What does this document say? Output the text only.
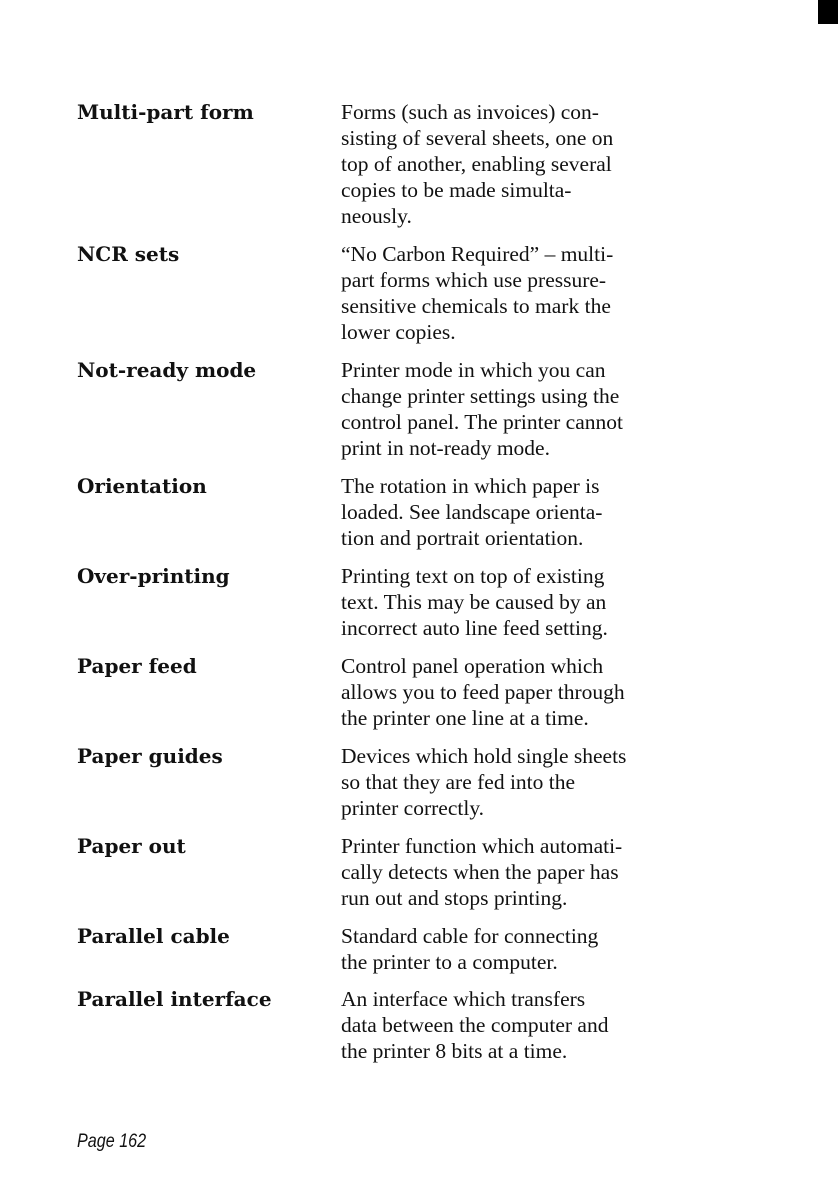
Multi-part form	Forms (such as invoices) con-
sisting of several sheets, one on
top of another, enabling several
copies to be made simulta-
neously.
NCR sets	“No Carbon Required” – multi-
part forms which use pressure-
sensitive chemicals to mark the
lower copies.
Not-ready mode	Printer mode in which you can
change printer settings using the
control panel. The printer cannot
print in not-ready mode.
Orientation	The rotation in which paper is
loaded. See landscape orienta-
tion and portrait orientation.
Over-printing	Printing text on top of existing
text. This may be caused by an
incorrect auto line feed setting.
Paper feed	Control panel operation which
allows you to feed paper through
the printer one line at a time.
Paper guides	Devices which hold single sheets
so that they are fed into the
printer correctly.
Paper out	Printer function which automati-
cally detects when the paper has
run out and stops printing.
Parallel cable	Standard cable for connecting
the printer to a computer.
Parallel interface	An interface which transfers
data between the computer and
the printer 8 bits at a time.
Page 162
